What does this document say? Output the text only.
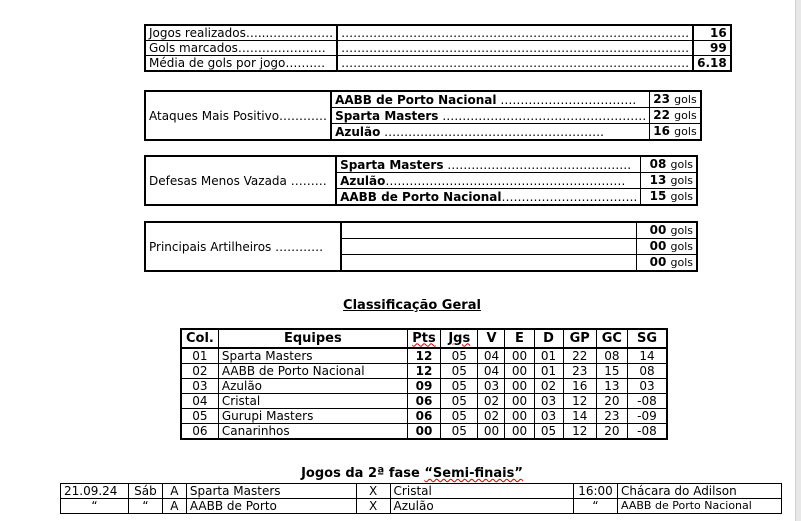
Jogos realizados…....……………	……………………………………………………………………………	16
Gols marcados……….…………	……………………………………………………………………………	99
Média de gols por jogo…….…	……………………………………………………………………………	6.18
Ataques Mais Positivo…………	AABB de Porto Nacional …………………………….	23 gols
	Sparta Masters ……………………………………………	22 gols
	Azulão ……………………………………………….	16 gols
Defesas Menos Vazada ………	Sparta Masters ……………………………………….	08 gols
	Azulão……………………………………………………	13 gols
	AABB de Porto Nacional…………………………….	15 gols
Principais Artilheiros …………		00 gols
		00 gols
		00 gols
Classificação Geral
Col.	Equipes	Pts	Jgs	V	E	D	GP	GC	SG
01	Sparta Masters	12	05	04	00	01	22	08	14
02	AABB de Porto Nacional	12	05	04	00	01	23	15	08
03	Azulão	09	05	03	00	02	16	13	03
04	Cristal	06	05	02	00	03	12	20	-08
05	Gurupi Masters	06	05	02	00	03	14	23	-09
06	Canarinhos	00	05	00	00	05	12	20	-08
Jogos da 2ª fase “Semi-finais”
21.09.24	Sáb	A	Sparta Masters	X	Cristal	16:00	Chácara do Adilson
“	“	A	AABB de Porto	X	Azulão	“	AABB de Porto Nacional
